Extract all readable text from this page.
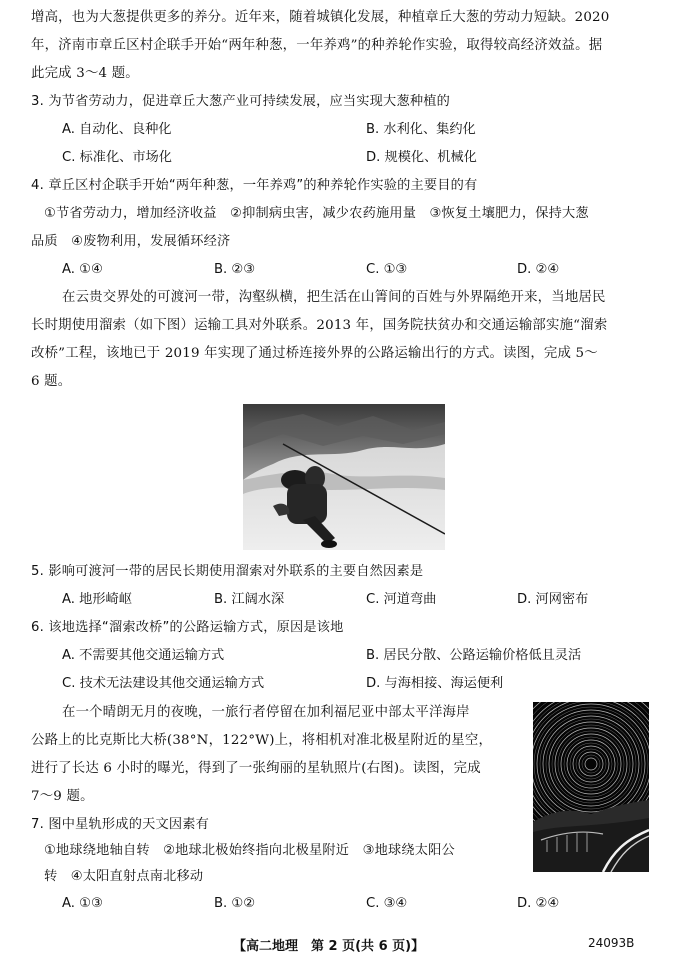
增高，也为大葱提供更多的养分。近年来，随着城镇化发展，种植章丘大葱的劳动力短缺。2020
年，济南市章丘区村企联手开始“两年种葱，一年养鸡”的种养轮作实验，取得较高经济效益。据
此完成 3～4 题。
3. 为节省劳动力，促进章丘大葱产业可持续发展，应当实现大葱种植的
A. 自动化、良种化	B. 水利化、集约化
C. 标准化、市场化	D. 规模化、机械化
4. 章丘区村企联手开始“两年种葱，一年养鸡”的种养轮作实验的主要目的有
①节省劳动力，增加经济收益　②抑制病虫害，减少农药施用量　③恢复土壤肥力，保持大葱
品质　④废物利用，发展循环经济
A. ①④	B. ②③	C. ①③	D. ②④
在云贵交界处的可渡河一带，沟壑纵横，把生活在山箐间的百姓与外界隔绝开来，当地居民
长时期使用溜索（如下图）运输工具对外联系。2013 年，国务院扶贫办和交通运输部实施“溜索
改桥”工程，该地已于 2019 年实现了通过桥连接外界的公路运输出行的方式。读图，完成 5～
6 题。
5. 影响可渡河一带的居民长期使用溜索对外联系的主要自然因素是
A. 地形崎岖	B. 江阔水深	C. 河道弯曲	D. 河网密布
6. 该地选择“溜索改桥”的公路运输方式，原因是该地
A. 不需要其他交通运输方式	B. 居民分散、公路运输价格低且灵活
C. 技术无法建设其他交通运输方式	D. 与海相接、海运便利
在一个晴朗无月的夜晚，一旅行者停留在加利福尼亚中部太平洋海岸
公路上的比克斯比大桥(38°N，122°W)上，将相机对准北极星附近的星空，
进行了长达 6 小时的曝光，得到了一张绚丽的星轨照片(右图)。读图，完成
7～9 题。
7. 图中星轨形成的天文因素有
①地球绕地轴自转　②地球北极始终指向北极星附近　③地球绕太阳公
转　④太阳直射点南北移动
A. ①③	B. ①②	C. ③④	D. ②④
【高二地理　第 2 页(共 6 页)】	24093B
